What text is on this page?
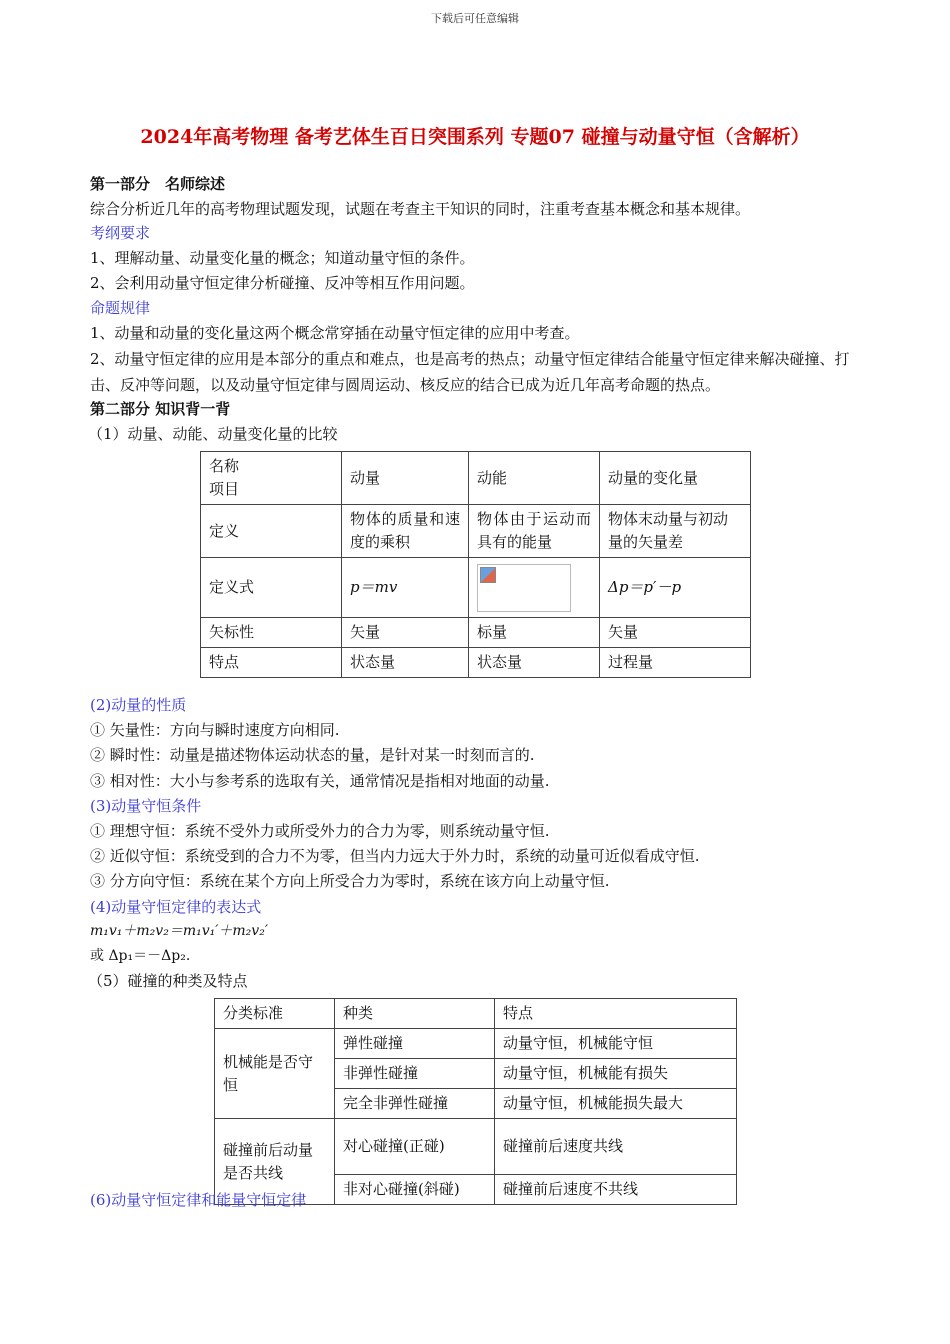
下载后可任意编辑
2024年高考物理 备考艺体生百日突围系列 专题07 碰撞与动量守恒（含解析）
第一部分　名师综述
综合分析近几年的高考物理试题发现，试题在考查主干知识的同时，注重考查基本概念和基本规律。
考纲要求
1、理解动量、动量变化量的概念；知道动量守恒的条件。
2、会利用动量守恒定律分析碰撞、反冲等相互作用问题。
命题规律
1、动量和动量的变化量这两个概念常穿插在动量守恒定律的应用中考查。
2、动量守恒定律的应用是本部分的重点和难点，也是高考的热点；动量守恒定律结合能量守恒定律来解决碰撞、打击、反冲等问题，以及动量守恒定律与圆周运动、核反应的结合已成为近几年高考命题的热点。
第二部分 知识背一背
（1）动量、动能、动量变化量的比较
名称
项目	动量	动能	动量的变化量
定义	物体的质量和速度的乘积	物体由于运动而具有的能量	物体末动量与初动量的矢量差
定义式	p＝mv		Δp＝p′－p
矢标性	矢量	标量	矢量
特点	状态量	状态量	过程量
(2)动量的性质
① 矢量性：方向与瞬时速度方向相同.
② 瞬时性：动量是描述物体运动状态的量，是针对某一时刻而言的.
③ 相对性：大小与参考系的选取有关，通常情况是指相对地面的动量.
(3)动量守恒条件
① 理想守恒：系统不受外力或所受外力的合力为零，则系统动量守恒.
② 近似守恒：系统受到的合力不为零，但当内力远大于外力时，系统的动量可近似看成守恒.
③ 分方向守恒：系统在某个方向上所受合力为零时，系统在该方向上动量守恒.
(4)动量守恒定律的表达式
m₁v₁＋m₂v₂＝m₁v₁′＋m₂v₂′
或 Δp₁＝－Δp₂.
（5）碰撞的种类及特点
分类标准	种类	特点
机械能是否守恒	弹性碰撞	动量守恒，机械能守恒
	非弹性碰撞	动量守恒，机械能有损失
	完全非弹性碰撞	动量守恒，机械能损失最大
碰撞前后动量是否共线	对心碰撞(正碰)	碰撞前后速度共线
	非对心碰撞(斜碰)	碰撞前后速度不共线
(6)动量守恒定律和能量守恒定律
